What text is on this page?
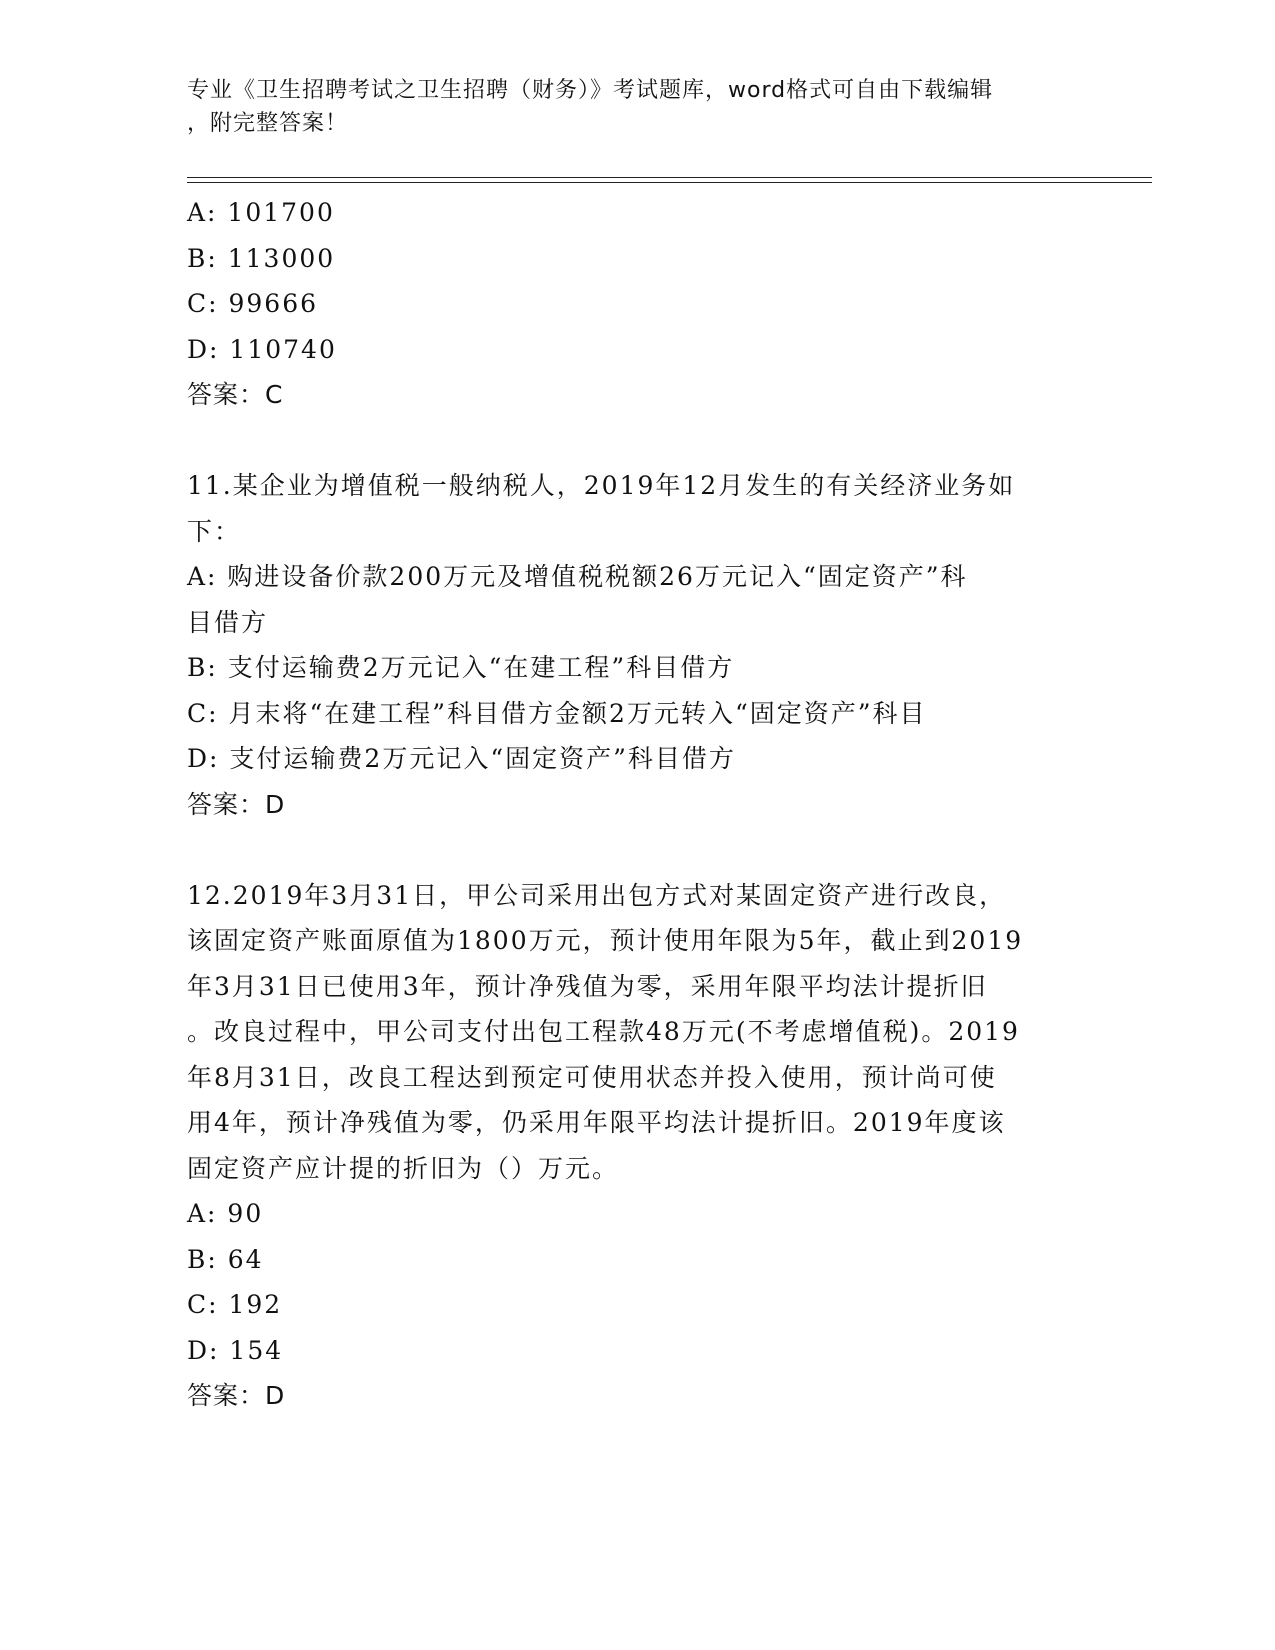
专业《卫生招聘考试之卫生招聘（财务）》考试题库，word格式可自由下载编辑
，附完整答案！
A: 101700
B: 113000
C: 99666
D: 110740
答案：C
11.某企业为增值税一般纳税人，2019年12月发生的有关经济业务如
下：
A: 购进设备价款200万元及增值税税额26万元记入“固定资产”科
目借方
B: 支付运输费2万元记入“在建工程”科目借方
C: 月末将“在建工程”科目借方金额2万元转入“固定资产”科目
D: 支付运输费2万元记入“固定资产”科目借方
答案：D
12.2019年3月31日，甲公司采用出包方式对某固定资产进行改良，
该固定资产账面原值为1800万元，预计使用年限为5年，截止到2019
年3月31日已使用3年，预计净残值为零，采用年限平均法计提折旧
。改良过程中，甲公司支付出包工程款48万元(不考虑增值税)。2019
年8月31日，改良工程达到预定可使用状态并投入使用，预计尚可使
用4年，预计净残值为零，仍采用年限平均法计提折旧。2019年度该
固定资产应计提的折旧为（）万元。
A: 90
B: 64
C: 192
D: 154
答案：D
